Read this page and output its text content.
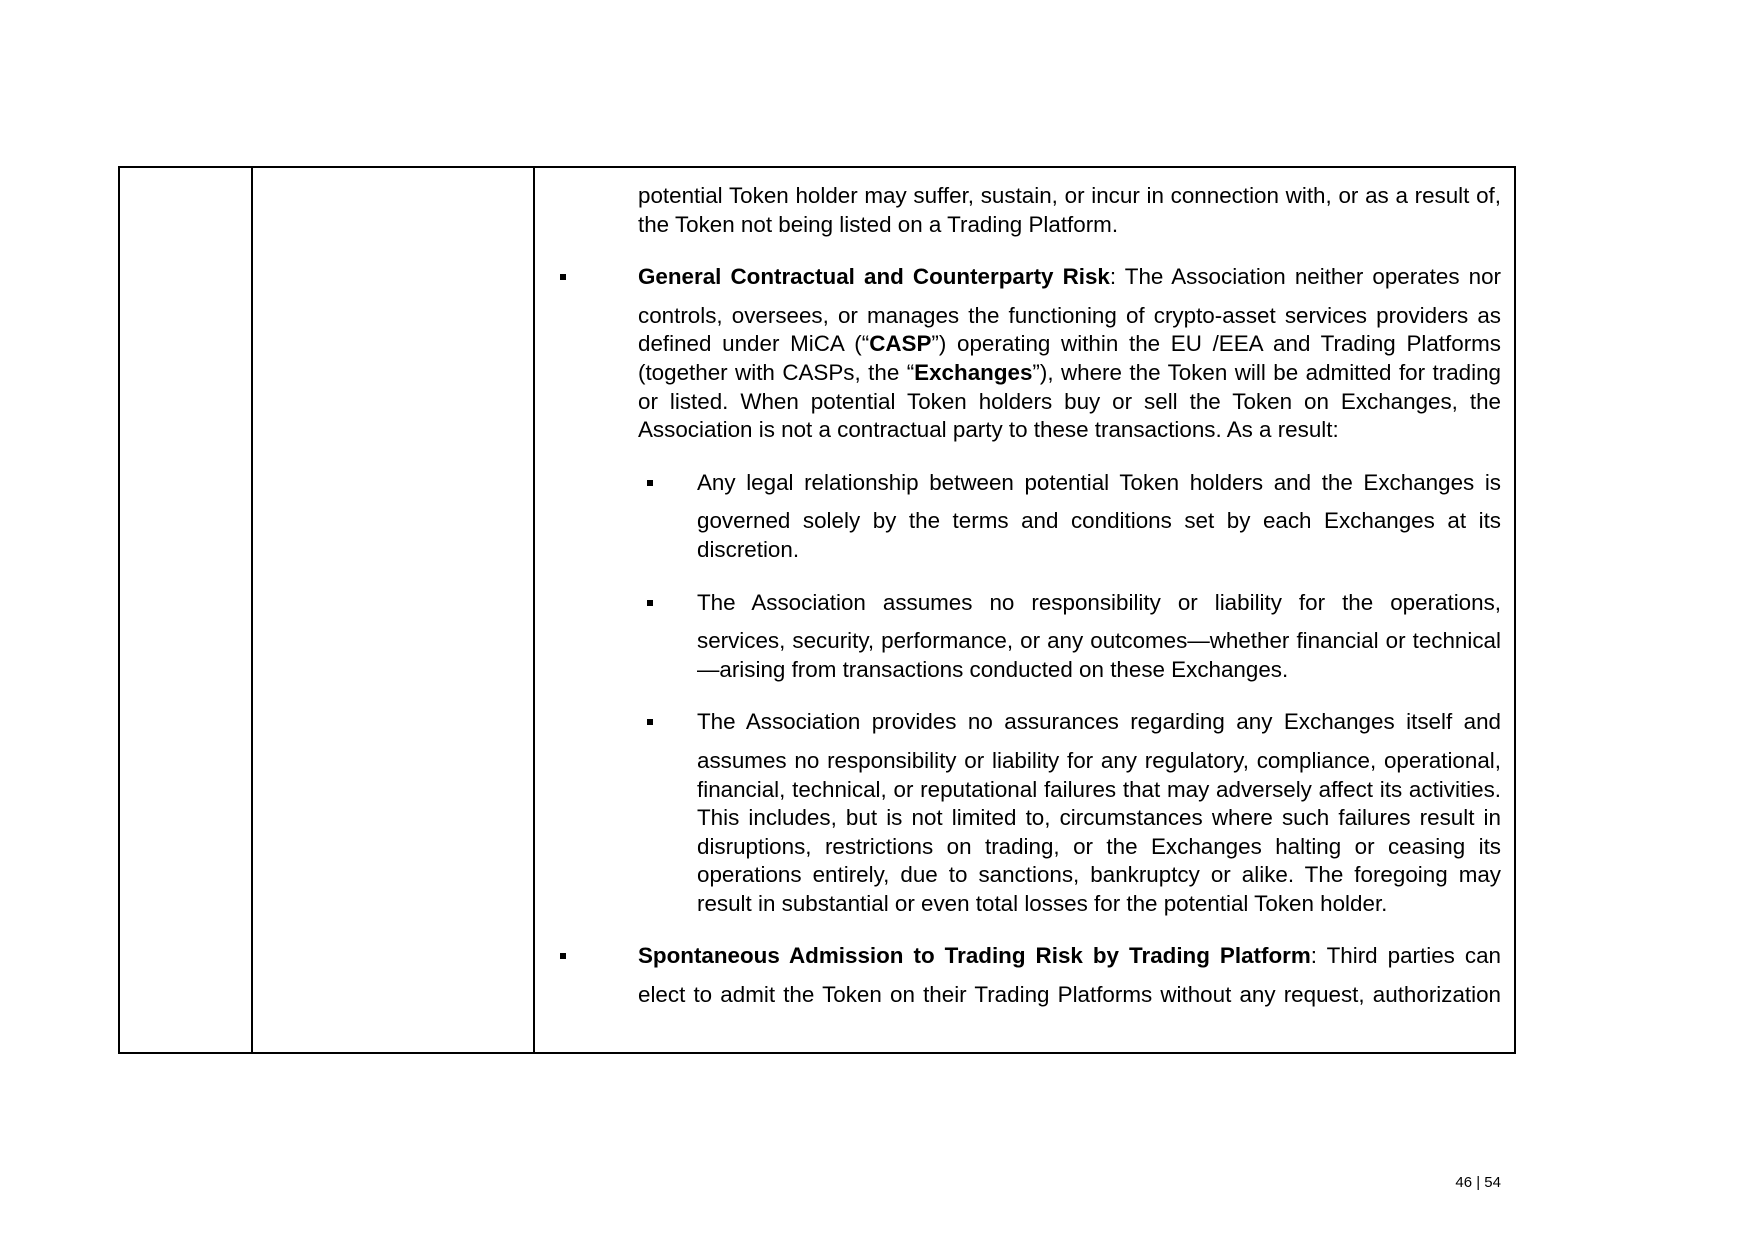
potential Token holder may suffer, sustain, or incur in connection with, or as a result of, the Token not being listed on a Trading Platform.

General Contractual and Counterparty Risk: The Association neither operates nor

controls, oversees, or manages the functioning of crypto-asset services providers as defined under MiCA (“CASP”) operating within the EU /EEA and Trading Platforms (together with CASPs, the “Exchanges”), where the Token will be admitted for trading or listed. When potential Token holders buy or sell the Token on Exchanges, the Association is not a contractual party to these transactions. As a result:

Any legal relationship between potential Token holders and the Exchanges is

governed solely by the terms and conditions set by each Exchanges at its discretion.

The Association assumes no responsibility or liability for the operations,

services, security, performance, or any outcomes—whether financial or technical—arising from transactions conducted on these Exchanges.

The Association provides no assurances regarding any Exchanges itself and

assumes no responsibility or liability for any regulatory, compliance, operational, financial, technical, or reputational failures that may adversely affect its activities. This includes, but is not limited to, circumstances where such failures result in disruptions, restrictions on trading, or the Exchanges halting or ceasing its operations entirely, due to sanctions, bankruptcy or alike. The foregoing may result in substantial or even total losses for the potential Token holder.

Spontaneous Admission to Trading Risk by Trading Platform: Third parties can

elect to admit the Token on their Trading Platforms without any request, authorization

46 | 54
